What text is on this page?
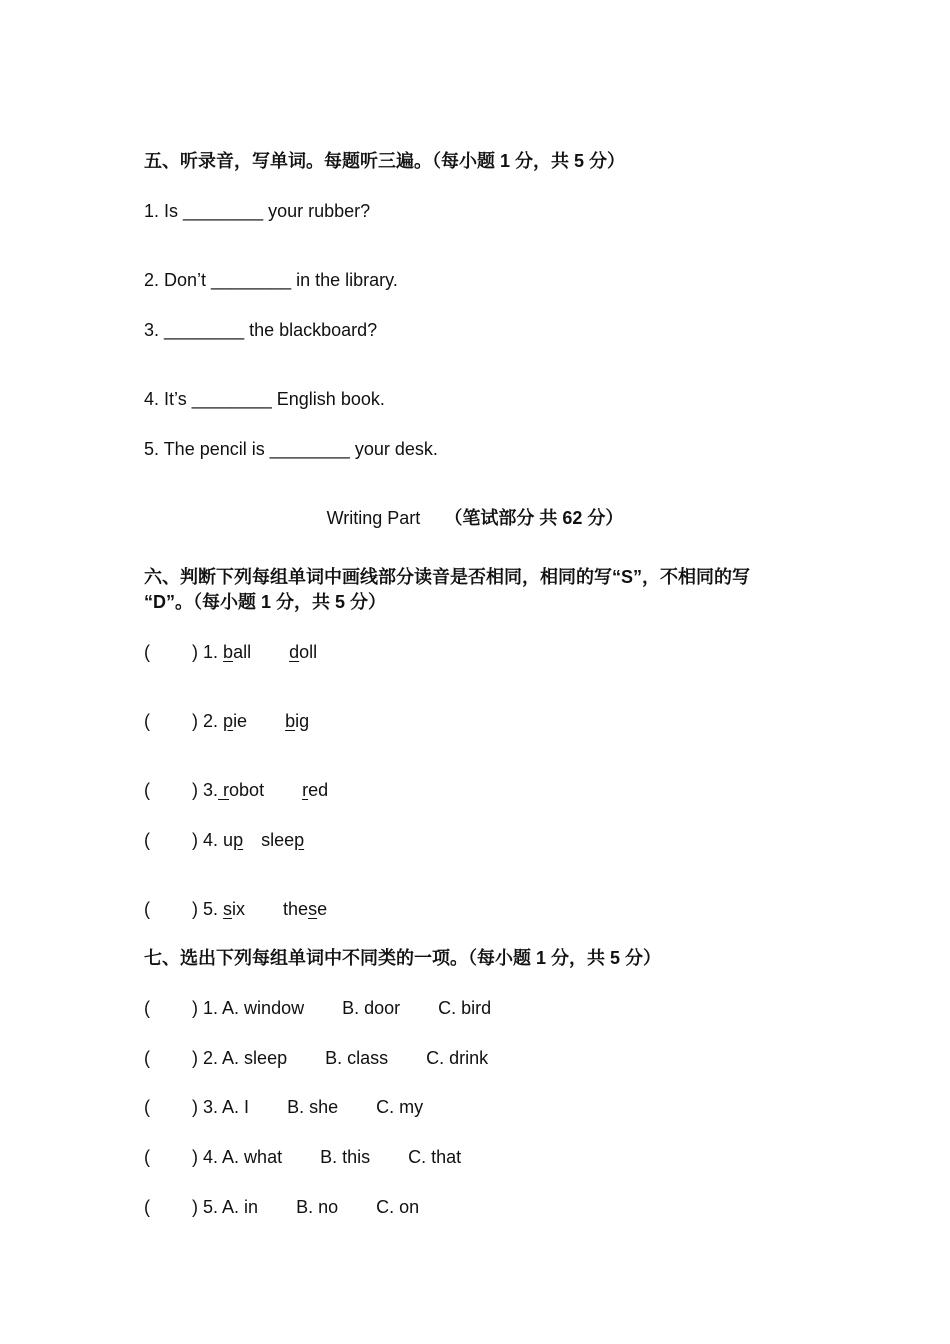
五、听录音，写单词。每题听三遍。（每小题 1 分，共 5 分）
1. Is ________ your rubber?
2. Don’t ________ in the library.
3. ________ the blackboard?
4. It’s ________ English book.
5. The pencil is ________ your desk.
Writing Part （笔试部分 共 62 分）
六、判断下列每组单词中画线部分读音是否相同，相同的写“S”，不相同的写
“D”。（每小题 1 分，共 5 分）
( ) 1. ball doll
( ) 2. pie big
( ) 3. robot red
( ) 4. up sleep
( ) 5. six these
七、选出下列每组单词中不同类的一项。（每小题 1 分，共 5 分）
( ) 1. A. window B. door C. bird
( ) 2. A. sleep B. class C. drink
( ) 3. A. I B. she C. my
( ) 4. A. what B. this C. that
( ) 5. A. in B. no C. on
